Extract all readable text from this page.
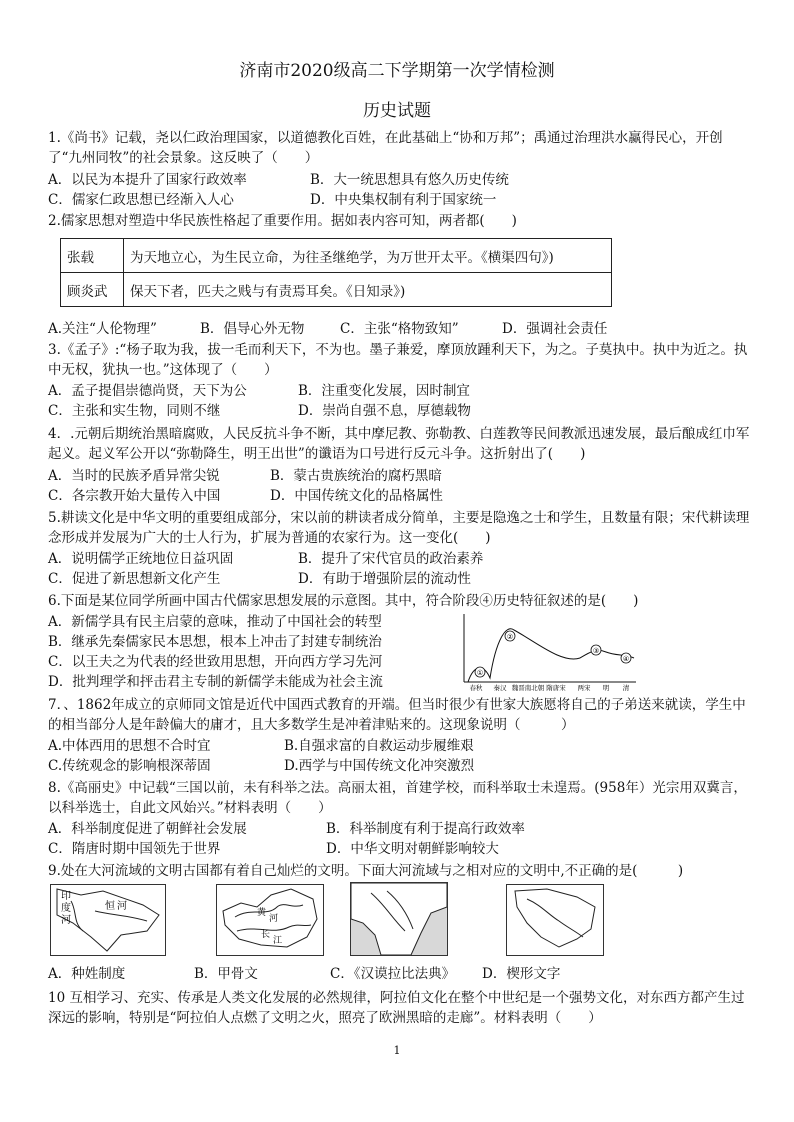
济南市2020级高二下学期第一次学情检测
历史试题
1.《尚书》记载，尧以仁政治理国家，以道德教化百姓，在此基础上“协和万邦”；禹通过治理洪水赢得民心，开创了“九州同牧”的社会景象。这反映了（　　）
A．以民为本提升了国家行政效率	B．大一统思想具有悠久历史传统
C．儒家仁政思想已经渐入人心	D．中央集权制有利于国家统一
2.儒家思想对塑造中华民族性格起了重要作用。据如表内容可知，两者都(　　)
张载	为天地立心，为生民立命，为往圣继绝学，为万世开太平。《横渠四句》)
顾炎武	保天下者，匹夫之贱与有责焉耳矣。《日知录》)
A.关注“人伦物理”	B．倡导心外无物	C．主张“格物致知”	D．强调社会责任
3.《孟子》:“杨子取为我，拔一毛而利天下，不为也。墨子兼爱，摩顶放踵利天下，为之。子莫执中。执中为近之。执中无权，犹执一也。”这体现了（　　）
A．孟子提倡崇德尚贤，天下为公	B．注重变化发展，因时制宜
C．主张和实生物，同则不继	D．崇尚自强不息，厚德载物
4．.元朝后期统治黑暗腐败，人民反抗斗争不断，其中摩尼教、弥勒教、白莲教等民间教派迅速发展，最后酿成红巾军起义。起义军公开以“弥勒降生，明王出世”的谶语为口号进行反元斗争。这折射出了(　　)
A．当时的民族矛盾异常尖锐	B．蒙古贵族统治的腐朽黑暗
C．各宗教开始大量传入中国	D．中国传统文化的品格属性
5.耕读文化是中华文明的重要组成部分，宋以前的耕读者成分简单，主要是隐逸之士和学生，且数量有限；宋代耕读理念形成并发展为广大的士人行为，扩展为普通的农家行为。这一变化(　　)
A．说明儒学正统地位日益巩固	B．提升了宋代官员的政治素养
C．促进了新思想新文化产生	D．有助于增强阶层的流动性
6.下面是某位同学所画中国古代儒家思想发展的示意图。其中，符合阶段④历史特征叙述的是(　　)
A．新儒学具有民主启蒙的意味，推动了中国社会的转型
B．继承先秦儒家民本思想，根本上冲击了封建专制统治
C．以王夫之为代表的经世致用思想，开向西方学习先河
D．批判理学和抨击君主专制的新儒学未能成为社会主流
①
②
③
④
春秋 秦汉 魏晋南北朝 隋唐宋 两宋 明 清
7．、1862年成立的京师同文馆是近代中国西式教育的开端。但当时很少有世家大族愿将自己的子弟送来就读，学生中的相当部分人是年龄偏大的庸才，且大多数学生是冲着津贴来的。这现象说明（　　　）
A.中体西用的思想不合时宜	B.自强求富的自救运动步履维艰
C.传统观念的影响根深蒂固	D.西学与中国传统文化冲突激烈
8.《高丽史》中记载“三国以前，未有科举之法。高丽太祖，首建学校，而科举取士未遑焉。(958年）光宗用双冀言，以科举选士，自此文风始兴。”材料表明（　　）
A．科举制度促进了朝鲜社会发展	B．科举制度有利于提高行政效率
C．隋唐时期中国领先于世界	D．中华文明对朝鲜影响较大
9.处在大河流域的文明古国都有着自己灿烂的文明。下面大河流域与之相对应的文明中,不正确的是(　　　)
印
度
河
恒 河
黄
河
长
江
A．种姓制度	B．甲骨文	C．《汉谟拉比法典》 D．楔形文字
10 互相学习、充实、传承是人类文化发展的必然规律，阿拉伯文化在整个中世纪是一个强势文化，对东西方都产生过深远的影响，特别是“阿拉伯人点燃了文明之火，照亮了欧洲黑暗的走廊”。材料表明（　　）
1
